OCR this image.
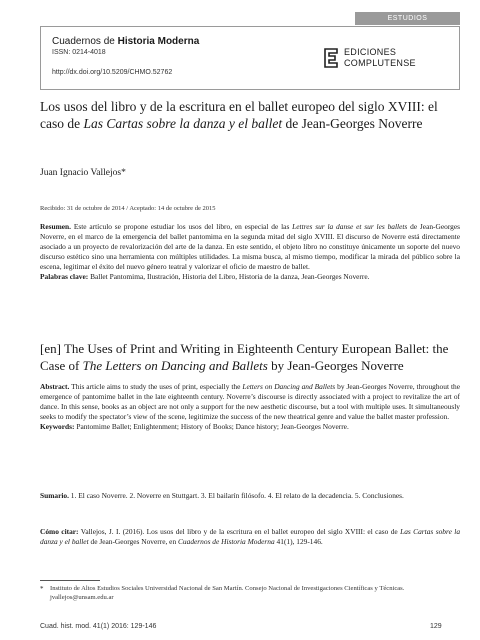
ESTUDIOS
Cuadernos de Historia Moderna
ISSN: 0214-4018
http://dx.doi.org/10.5209/CHMO.52762
EDICIONES
COMPLUTENSE
Los usos del libro y de la escritura en el ballet europeo del siglo XVIII: el caso de Las Cartas sobre la danza y el ballet de Jean-Georges Noverre
Juan Ignacio Vallejos*
Recibido: 31 de octubre de 2014 / Aceptado: 14 de octubre de 2015
Resumen. Este artículo se propone estudiar los usos del libro, en especial de las Lettres sur la danse et sur les ballets de Jean-Georges Noverre, en el marco de la emergencia del ballet pantomima en la segunda mitad del siglo XVIII. El discurso de Noverre está directamente asociado a un proyecto de revalorización del arte de la danza. En este sentido, el objeto libro no constituye únicamente un soporte del nuevo discurso estético sino una herramienta con múltiples utilidades. La misma busca, al mismo tiempo, modificar la mirada del público sobre la escena, legitimar el éxito del nuevo género teatral y valorizar el oficio de maestro de ballet.
Palabras clave: Ballet Pantomima, Ilustración, Historia del Libro, Historia de la danza, Jean-Georges Noverre.
[en] The Uses of Print and Writing in Eighteenth Century European Ballet: the Case of The Letters on Dancing and Ballets by Jean-Georges Noverre
Abstract. This article aims to study the uses of print, especially the Letters on Dancing and Ballets by Jean-Georges Noverre, throughout the emergence of pantomime ballet in the late eighteenth century. Noverre’s discourse is directly associated with a project to revitalize the art of dance. In this sense, books as an object are not only a support for the new aesthetic discourse, but a tool with multiple uses. It simultaneously seeks to modify the spectator’s view of the scene, legitimize the success of the new theatrical genre and value the ballet master profession.
Keywords: Pantomime Ballet; Enlightenment; History of Books; Dance history; Jean-Georges Noverre.
Sumario. 1. El caso Noverre. 2. Noverre en Stuttgart. 3. El bailarín filósofo. 4. El relato de la decadencia. 5. Conclusiones.
Cómo citar: Vallejos, J. I. (2016). Los usos del libro y de la escritura en el ballet europeo del siglo XVIII: el caso de Las Cartas sobre la danza y el ballet de Jean-Georges Noverre, en Cuadernos de Historia Moderna 41(1), 129-146.
* Instituto de Altos Estudios Sociales Universidad Nacional de San Martín. Consejo Nacional de Investigaciones Científicas y Técnicas.
jvallejos@unsam.edu.ar
Cuad. hist. mod. 41(1) 2016: 129-146	129
